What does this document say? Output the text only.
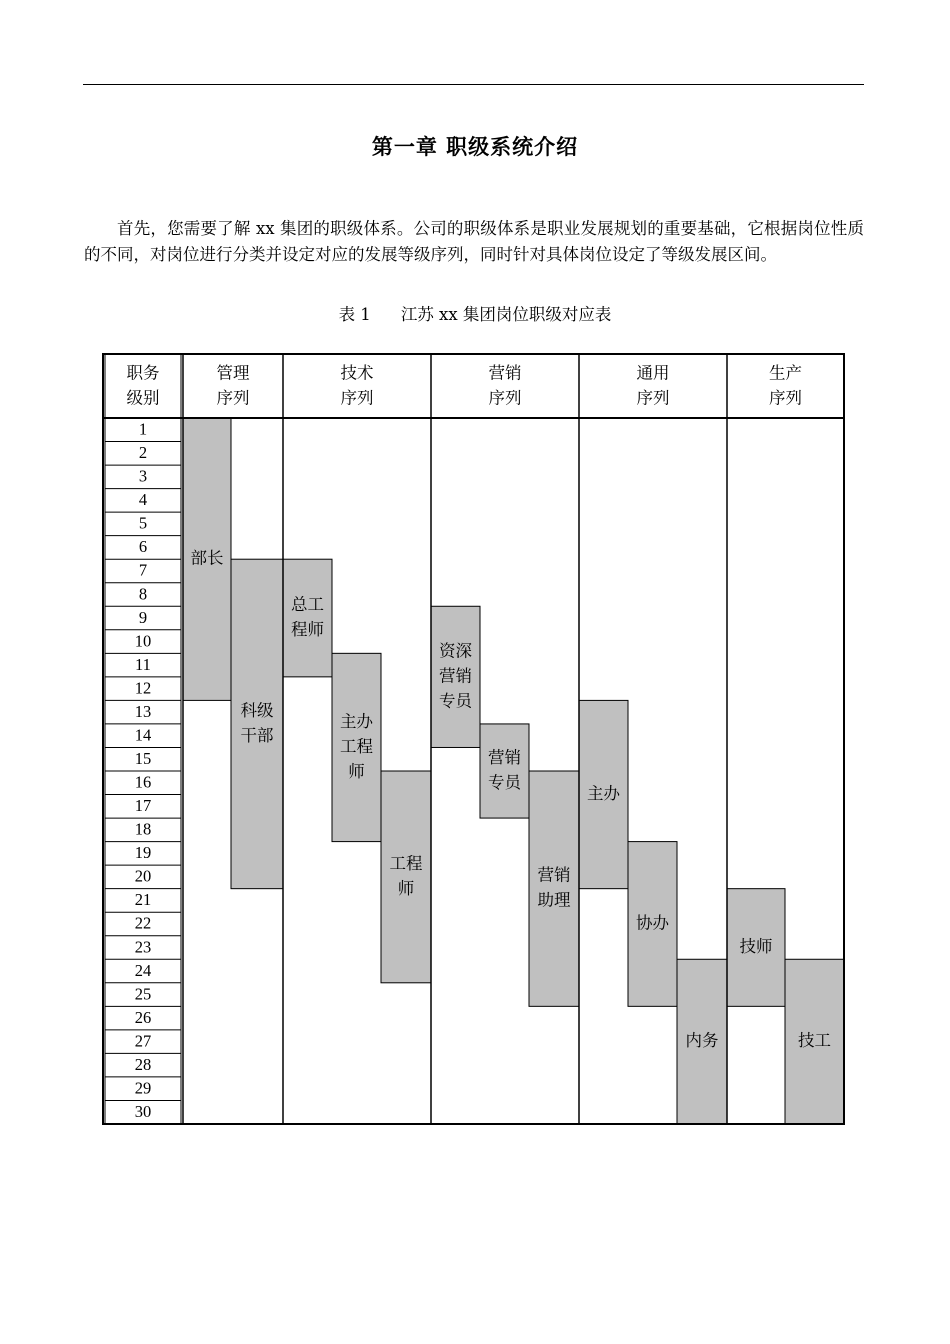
第一章 职级系统介绍
首先，您需要了解 xx 集团的职级体系。公司的职级体系是职业发展规划的重要基础，它根据岗位性质的不同，对岗位进行分类并设定对应的发展等级序列，同时针对具体岗位设定了等级发展区间。
表 1 江苏 xx 集团岗位职级对应表
部长
科级
干部
总工
程师
主办
工程
师
工程
师
资深
营销
专员
营销
专员
营销
助理
主办
协办
内务
技师
技工
职务
级别
管理
序列
技术
序列
营销
序列
通用
序列
生产
序列
1
2
3
4
5
6
7
8
9
10
11
12
13
14
15
16
17
18
19
20
21
22
23
24
25
26
27
28
29
30
